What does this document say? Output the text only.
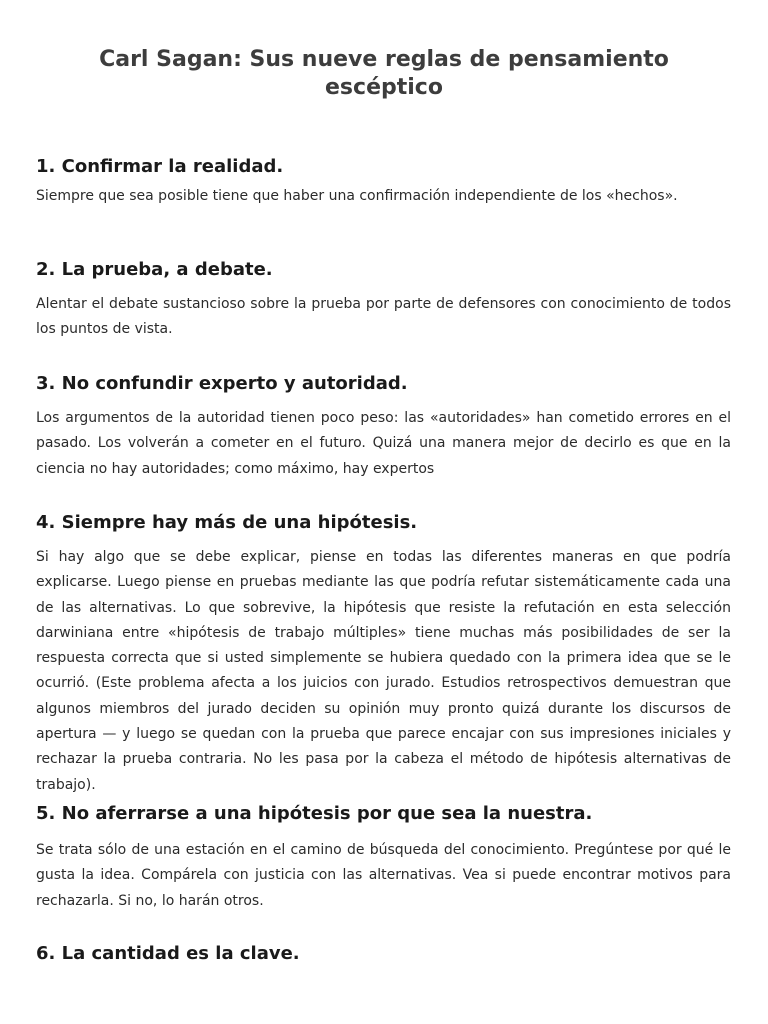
Carl Sagan: Sus nueve reglas de pensamiento escéptico
1. Confirmar la realidad.

Siempre que sea posible tiene que haber una confirmación independiente de los «hechos».

2. La prueba, a debate.

Alentar el debate sustancioso sobre la prueba por parte de defensores con conocimiento de todos los puntos de vista.

3. No confundir experto y autoridad.

Los argumentos de la autoridad tienen poco peso: las «autoridades» han cometido errores en el pasado. Los volverán a cometer en el futuro. Quizá una manera mejor de decirlo es que en la ciencia no hay autoridades; como máximo, hay expertos

4. Siempre hay más de una hipótesis.

Si hay algo que se debe explicar, piense en todas las diferentes maneras en que podría explicarse. Luego piense en pruebas mediante las que podría refutar sistemáticamente cada una de las alternativas. Lo que sobrevive, la hipótesis que resiste la refutación en esta selección darwiniana entre «hipótesis de trabajo múltiples» tiene muchas más posibilidades de ser la respuesta correcta que si usted simplemente se hubiera quedado con la primera idea que se le ocurrió. (Este problema afecta a los juicios con jurado. Estudios retrospectivos demuestran que algunos miembros del jurado deciden su opinión muy pronto quizá durante los discursos de apertura — y luego se quedan con la prueba que parece encajar con sus impresiones iniciales y rechazar la prueba contraria. No les pasa por la cabeza el método de hipótesis alternativas de trabajo).

5. No aferrarse a una hipótesis por que sea la nuestra.

Se trata sólo de una estación en el camino de búsqueda del conocimiento. Pregúntese por qué le gusta la idea. Compárela con justicia con las alternativas. Vea si puede encontrar motivos para rechazarla. Si no, lo harán otros.

6. La cantidad es la clave.
